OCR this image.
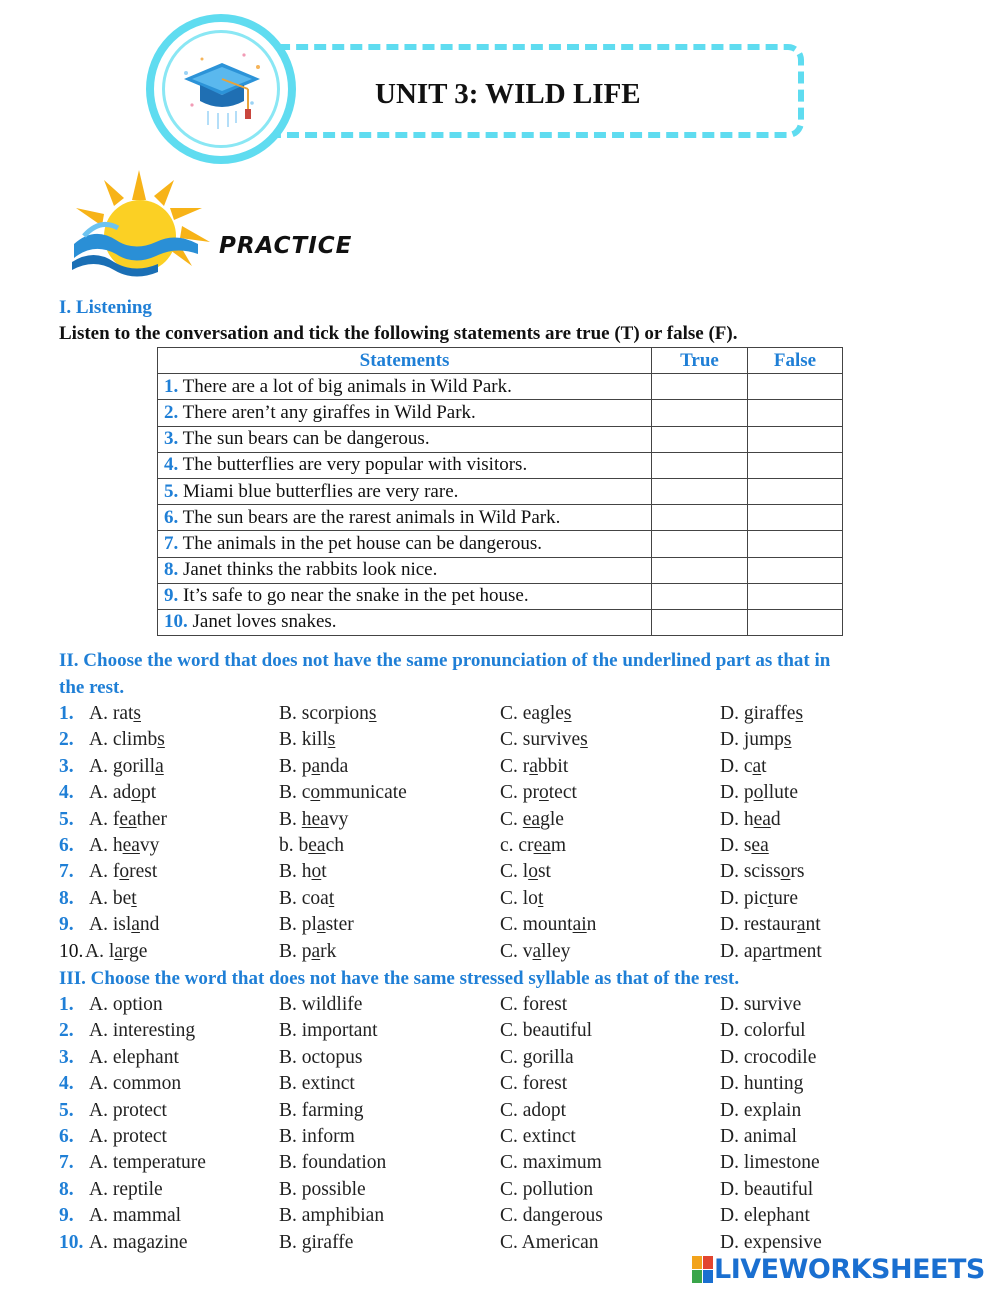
UNIT 3: WILD LIFE
PRACTICE
I. Listening
Listen to the conversation and tick the following statements are true (T) or false (F).
Statements	True	False
1. There are a lot of big animals in Wild Park.		
2. There aren’t any giraffes in Wild Park.		
3. The sun bears can be dangerous.		
4. The butterflies are very popular with visitors.		
5. Miami blue butterflies are very rare.		
6. The sun bears are the rarest animals in Wild Park.		
7. The animals in the pet house can be dangerous.		
8. Janet thinks the rabbits look nice.		
9. It’s safe to go near the snake in the pet house.		
10. Janet loves snakes.		
II. Choose the word that does not have the same pronunciation of the underlined part as that in
the rest.
1. A. rats	B. scorpions	C. eagles	D. giraffes
2. A. climbs	B. kills	C. survives	D. jumps
3. A. gorilla	B. panda	C. rabbit	D. cat
4. A. adopt	B. communicate	C. protect	D. pollute
5. A. feather	B. heavy	C. eagle	D. head
6. A. heavy	b. beach	c. cream	D. sea
7. A. forest	B. hot	C. lost	D. scissors
8. A. bet	B. coat	C. lot	D. picture
9. A. island	B. plaster	C. mountain	D. restaurant
10. A. large	B. park	C. valley	D. apartment
III. Choose the word that does not have the same stressed syllable as that of the rest.
1. A. option	B. wildlife	C. forest	D. survive
2. A. interesting	B. important	C. beautiful	D. colorful
3. A. elephant	B. octopus	C. gorilla	D. crocodile
4. A. common	B. extinct	C. forest	D. hunting
5. A. protect	B. farming	C. adopt	D. explain
6. A. protect	B. inform	C. extinct	D. animal
7. A. temperature	B. foundation	C. maximum	D. limestone
8. A. reptile	B. possible	C. pollution	D. beautiful
9. A. mammal	B. amphibian	C. dangerous	D. elephant
10. A. magazine	B. giraffe	C. American	D. expensive
LIVEWORKSHEETS
